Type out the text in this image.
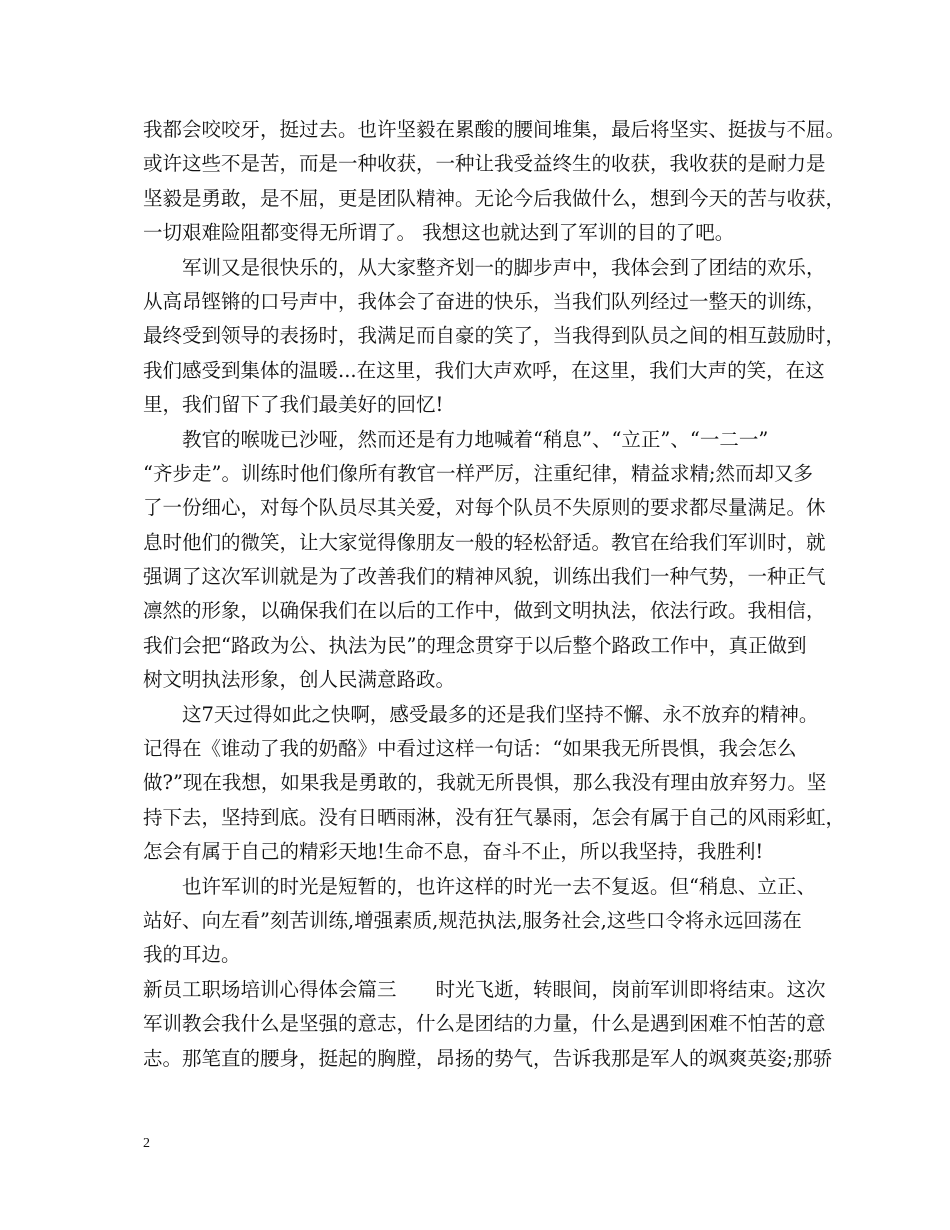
我都会咬咬牙，挺过去。也许坚毅在累酸的腰间堆集，最后将坚实、挺拔与不屈。
或许这些不是苦，而是一种收获，一种让我受益终生的收获，我收获的是耐力是
坚毅是勇敢，是不屈，更是团队精神。无论今后我做什么，想到今天的苦与收获，
一切艰难险阻都变得无所谓了。 我想这也就达到了军训的目的了吧。
　　军训又是很快乐的，从大家整齐划一的脚步声中，我体会到了团结的欢乐，
从高昂铿锵的口号声中，我体会了奋进的快乐，当我们队列经过一整天的训练，
最终受到领导的表扬时，我满足而自豪的笑了，当我得到队员之间的相互鼓励时，
我们感受到集体的温暖...在这里，我们大声欢呼，在这里，我们大声的笑，在这
里，我们留下了我们最美好的回忆!
　　教官的喉咙已沙哑，然而还是有力地喊着“稍息”、“立正”、“一二一”
“齐步走”。训练时他们像所有教官一样严厉，注重纪律，精益求精;然而却又多
了一份细心，对每个队员尽其关爱，对每个队员不失原则的要求都尽量满足。休
息时他们的微笑，让大家觉得像朋友一般的轻松舒适。教官在给我们军训时，就
强调了这次军训就是为了改善我们的精神风貌，训练出我们一种气势，一种正气
凛然的形象，以确保我们在以后的工作中，做到文明执法，依法行政。我相信，
我们会把“路政为公、执法为民”的理念贯穿于以后整个路政工作中，真正做到
树文明执法形象，创人民满意路政。
　　这7天过得如此之快啊，感受最多的还是我们坚持不懈、永不放弃的精神。
记得在《谁动了我的奶酪》中看过这样一句话：“如果我无所畏惧，我会怎么
做?”现在我想，如果我是勇敢的，我就无所畏惧，那么我没有理由放弃努力。坚
持下去，坚持到底。没有日晒雨淋，没有狂气暴雨，怎会有属于自己的风雨彩虹，
怎会有属于自己的精彩天地!生命不息，奋斗不止，所以我坚持，我胜利!
　　也许军训的时光是短暂的，也许这样的时光一去不复返。但“稍息、立正、
站好、向左看”刻苦训练,增强素质,规范执法,服务社会,这些口令将永远回荡在
我的耳边。
新员工职场培训心得体会篇三　　时光飞逝，转眼间，岗前军训即将结束。这次
军训教会我什么是坚强的意志，什么是团结的力量，什么是遇到困难不怕苦的意
志。那笔直的腰身，挺起的胸膛，昂扬的势气，告诉我那是军人的飒爽英姿;那骄
2
